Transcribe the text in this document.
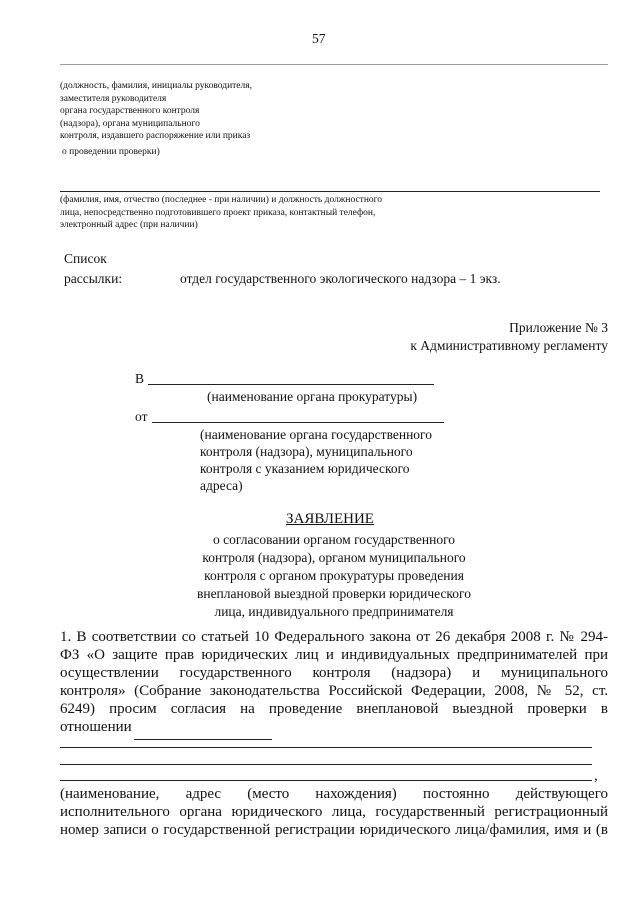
57
(должность, фамилия, инициалы руководителя,
заместителя руководителя
органа государственного контроля
(надзора), органа муниципального
контроля, издавшего распоряжение или приказ
о проведении проверки)
(фамилия, имя, отчество (последнее - при наличии) и должность должностного
лица, непосредственно подготовившего проект приказа, контактный телефон,
электронный адрес (при наличии)
Список
рассылки:	отдел государственного экологического надзора – 1 экз.
Приложение № 3
к Административному регламенту
В
(наименование органа прокуратуры)
от
(наименование органа государственного
контроля (надзора), муниципального
контроля с указанием юридического
адреса)
ЗАЯВЛЕНИЕ
о согласовании органом государственного
контроля (надзора), органом муниципального
контроля с органом прокуратуры проведения
внеплановой выездной проверки юридического
лица, индивидуального предпринимателя
1. В соответствии со статьей 10 Федерального закона от 26 декабря 2008 г. № 294-
ФЗ «О защите прав юридических лиц и индивидуальных предпринимателей при
осуществлении государственного контроля (надзора) и муниципального
контроля» (Собрание законодательства Российской Федерации, 2008, № 52, ст.
6249) просим согласия на проведение внеплановой выездной проверки в
отношении
,
(наименование, адрес (место нахождения) постоянно действующего
исполнительного органа юридического лица, государственный регистрационный
номер записи о государственной регистрации юридического лица/фамилия, имя и (в
